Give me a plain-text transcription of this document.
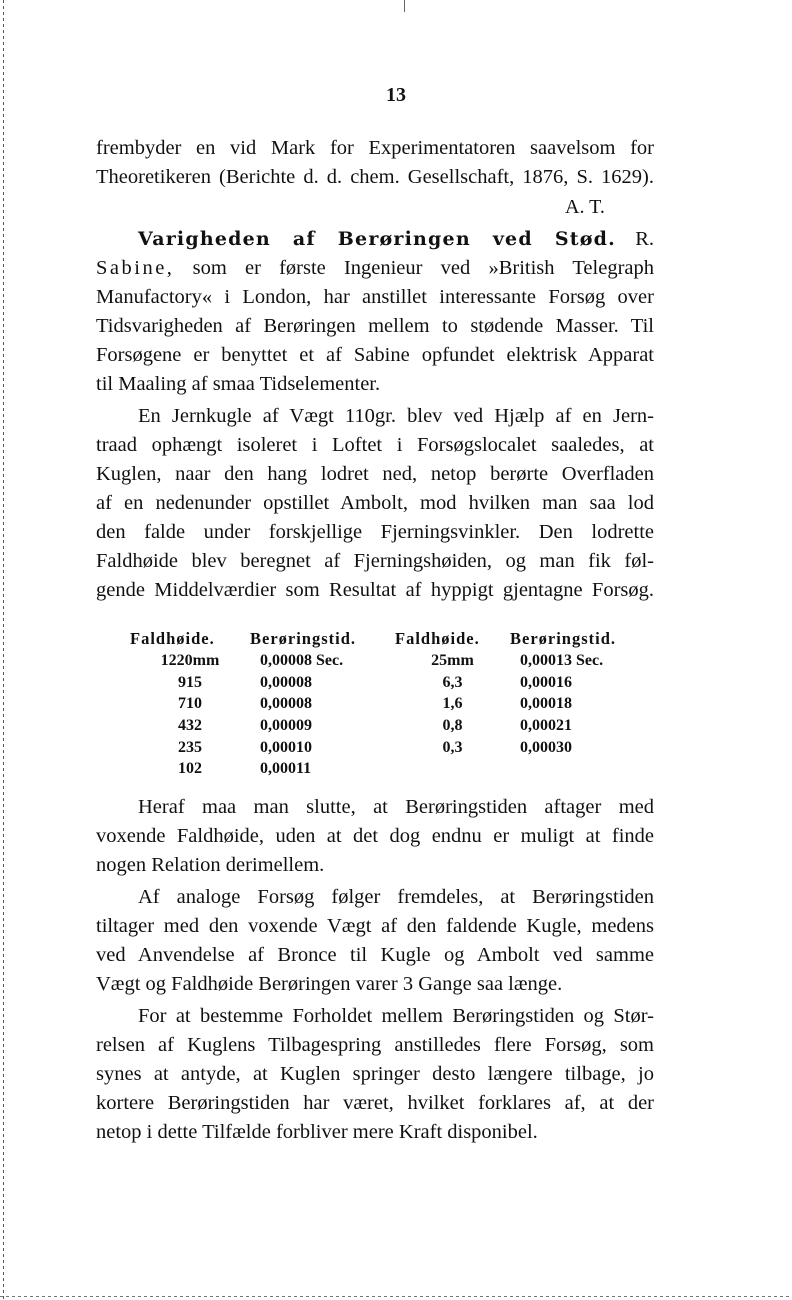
13
frembyder en vid Mark for Experimentatoren saavelsom for
Theoretikeren (Berichte d. d. chem. Gesellschaft, 1876, S. 1629).
A. T.
Varigheden af Berøringen ved Stød. R.
Sabine, som er første Ingenieur ved »British Telegraph
Manufactory« i London, har anstillet interessante Forsøg over
Tidsvarigheden af Berøringen mellem to stødende Masser. Til
Forsøgene er benyttet et af Sabine opfundet elektrisk Apparat
til Maaling af smaa Tidselementer.
En Jernkugle af Vægt 110gr. blev ved Hjælp af en Jern-
traad ophængt isoleret i Loftet i Forsøgslocalet saaledes, at
Kuglen, naar den hang lodret ned, netop berørte Overfladen
af en nedenunder opstillet Ambolt, mod hvilken man saa lod
den falde under forskjellige Fjerningsvinkler. Den lodrette
Faldhøide blev beregnet af Fjerningshøiden, og man fik føl-
gende Middelværdier som Resultat af hyppigt gjentagne Forsøg.
Faldhøide.	Berøringstid.	Faldhøide.	Berøringstid.
1220mm	0,00008 Sec.	25mm	0,00013 Sec.
915	0,00008	6,3	0,00016
710	0,00008	1,6	0,00018
432	0,00009	0,8	0,00021
235	0,00010	0,3	0,00030
102	0,00011		
Heraf maa man slutte, at Berøringstiden aftager med
voxende Faldhøide, uden at det dog endnu er muligt at finde
nogen Relation derimellem.
Af analoge Forsøg følger fremdeles, at Berøringstiden
tiltager med den voxende Vægt af den faldende Kugle, medens
ved Anvendelse af Bronce til Kugle og Ambolt ved samme
Vægt og Faldhøide Berøringen varer 3 Gange saa længe.
For at bestemme Forholdet mellem Berøringstiden og Stør-
relsen af Kuglens Tilbagespring anstilledes flere Forsøg, som
synes at antyde, at Kuglen springer desto længere tilbage, jo
kortere Berøringstiden har været, hvilket forklares af, at der
netop i dette Tilfælde forbliver mere Kraft disponibel.
